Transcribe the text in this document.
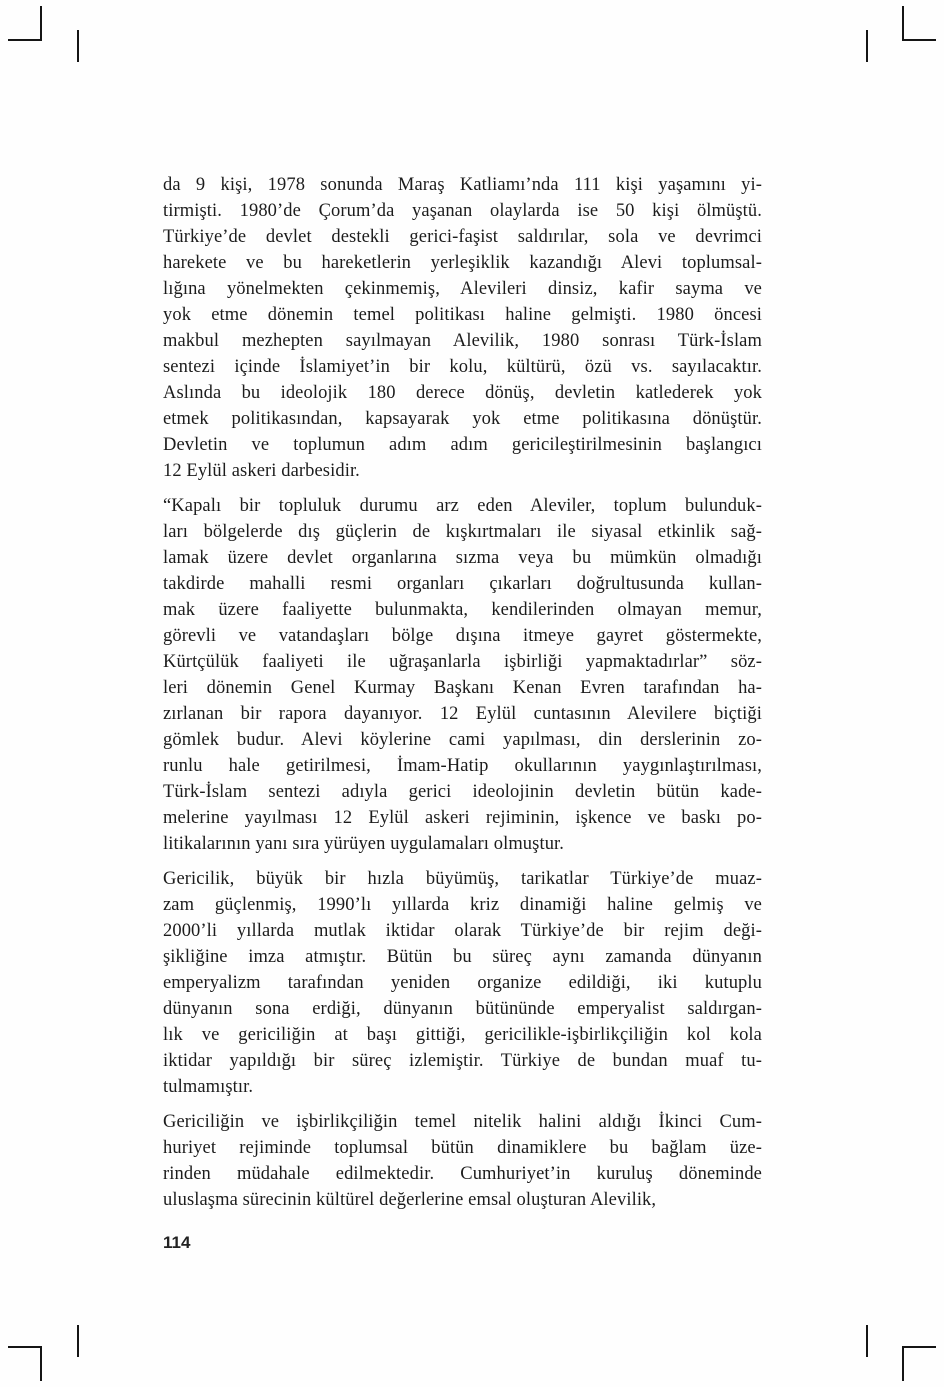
da 9 kişi, 1978 sonunda Maraş Katliamı’nda 111 kişi yaşamını yi-
tirmişti. 1980’de Çorum’da yaşanan olaylarda ise 50 kişi ölmüştü.
Türkiye’de devlet destekli gerici-faşist saldırılar, sola ve devrimci
harekete ve bu hareketlerin yerleşiklik kazandığı Alevi toplumsal-
lığına yönelmekten çekinmemiş, Alevileri dinsiz, kafir sayma ve
yok etme dönemin temel politikası haline gelmişti. 1980 öncesi
makbul mezhepten sayılmayan Alevilik, 1980 sonrası Türk-İslam
sentezi içinde İslamiyet’in bir kolu, kültürü, özü vs. sayılacaktır.
Aslında bu ideolojik 180 derece dönüş, devletin katlederek yok
etmek politikasından, kapsayarak yok etme politikasına dönüştür.
Devletin ve toplumun adım adım gericileştirilmesinin başlangıcı
12 Eylül askeri darbesidir.
“Kapalı bir topluluk durumu arz eden Aleviler, toplum bulunduk-
ları bölgelerde dış güçlerin de kışkırtmaları ile siyasal etkinlik sağ-
lamak üzere devlet organlarına sızma veya bu mümkün olmadığı
takdirde mahalli resmi organları çıkarları doğrultusunda kullan-
mak üzere faaliyette bulunmakta, kendilerinden olmayan memur,
görevli ve vatandaşları bölge dışına itmeye gayret göstermekte,
Kürtçülük faaliyeti ile uğraşanlarla işbirliği yapmaktadırlar” söz-
leri dönemin Genel Kurmay Başkanı Kenan Evren tarafından ha-
zırlanan bir rapora dayanıyor. 12 Eylül cuntasının Alevilere biçtiği
gömlek budur. Alevi köylerine cami yapılması, din derslerinin zo-
runlu hale getirilmesi, İmam-Hatip okullarının yaygınlaştırılması,
Türk-İslam sentezi adıyla gerici ideolojinin devletin bütün kade-
melerine yayılması 12 Eylül askeri rejiminin, işkence ve baskı po-
litikalarının yanı sıra yürüyen uygulamaları olmuştur.
Gericilik, büyük bir hızla büyümüş, tarikatlar Türkiye’de muaz-
zam güçlenmiş, 1990’lı yıllarda kriz dinamiği haline gelmiş ve
2000’li yıllarda mutlak iktidar olarak Türkiye’de bir rejim deği-
şikliğine imza atmıştır. Bütün bu süreç aynı zamanda dünyanın
emperyalizm tarafından yeniden organize edildiği, iki kutuplu
dünyanın sona erdiği, dünyanın bütününde emperyalist saldırgan-
lık ve gericiliğin at başı gittiği, gericilikle-işbirlikçiliğin kol kola
iktidar yapıldığı bir süreç izlemiştir. Türkiye de bundan muaf tu-
tulmamıştır.
Gericiliğin ve işbirlikçiliğin temel nitelik halini aldığı İkinci Cum-
huriyet rejiminde toplumsal bütün dinamiklere bu bağlam üze-
rinden müdahale edilmektedir. Cumhuriyet’in kuruluş döneminde
uluslaşma sürecinin kültürel değerlerine emsal oluşturan Alevilik,
114
